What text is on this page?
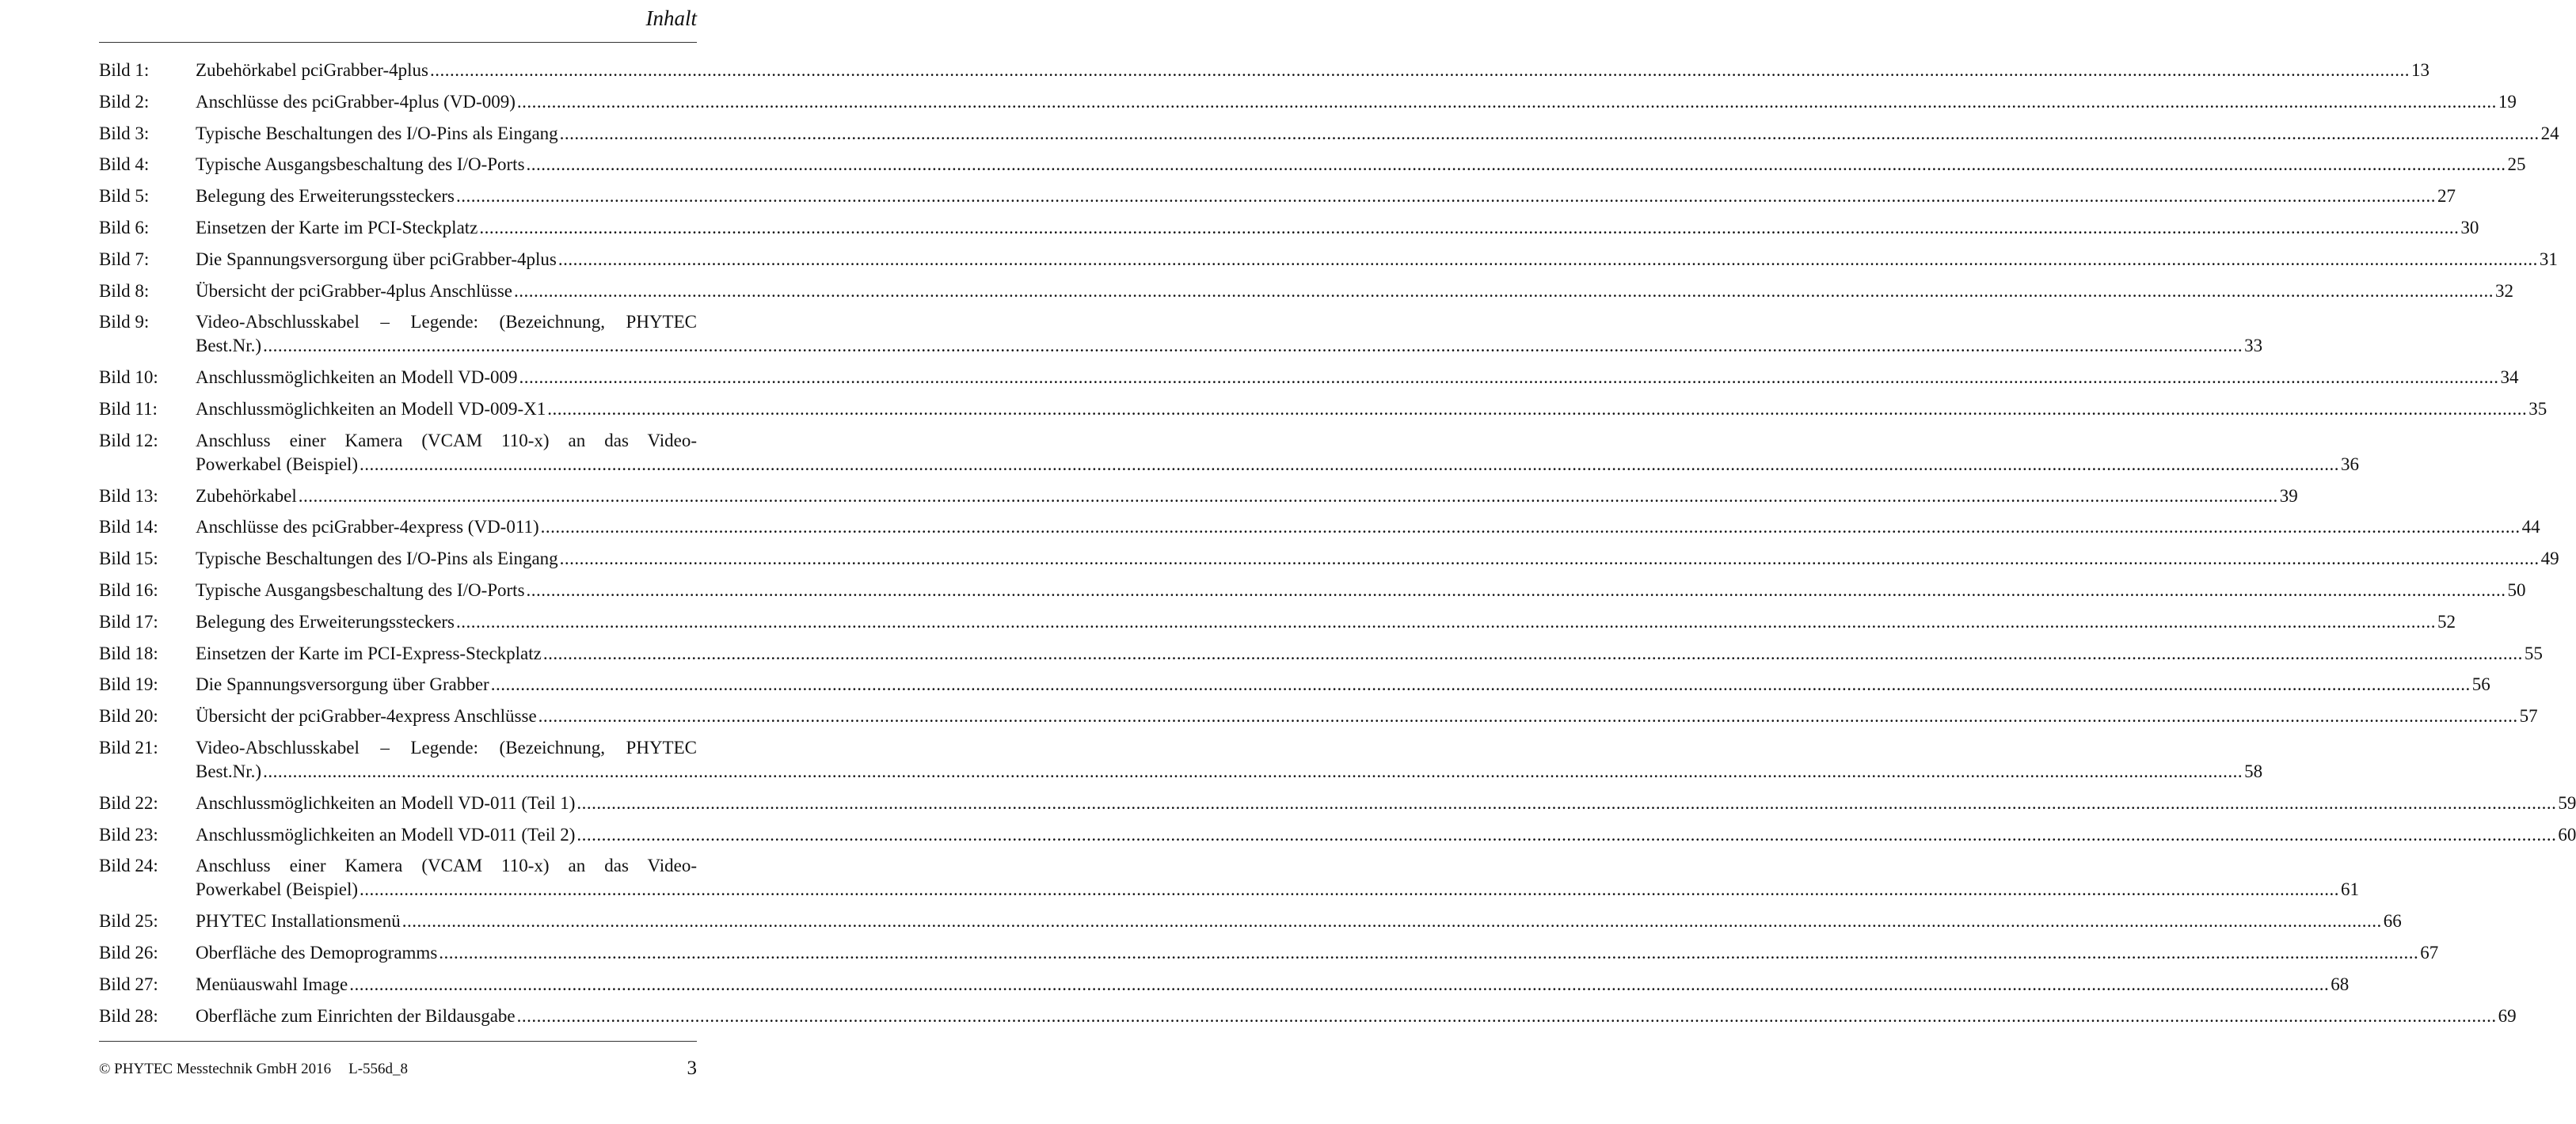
Inhalt
Bild 1:	Zubehörkabel pciGrabber-4plus ................................................................................................................................................................................................................................................................................................................................................................................................................ 13
Bild 2:	Anschlüsse des pciGrabber-4plus (VD-009) ................................................................................................................................................................................................................................................................................................................................................................................................................ 19
Bild 3:	Typische Beschaltungen des I/O-Pins als Eingang ................................................................................................................................................................................................................................................................................................................................................................................................................ 24
Bild 4:	Typische Ausgangsbeschaltung des I/O-Ports ................................................................................................................................................................................................................................................................................................................................................................................................................ 25
Bild 5:	Belegung des Erweiterungssteckers ................................................................................................................................................................................................................................................................................................................................................................................................................ 27
Bild 6:	Einsetzen der Karte im PCI-Steckplatz ................................................................................................................................................................................................................................................................................................................................................................................................................ 30
Bild 7:	Die Spannungsversorgung über pciGrabber-4plus ................................................................................................................................................................................................................................................................................................................................................................................................................ 31
Bild 8:	Übersicht der pciGrabber-4plus Anschlüsse ................................................................................................................................................................................................................................................................................................................................................................................................................ 32
Bild 9:	Video-Abschlusskabel – Legende: (Bezeichnung, PHYTEC
Best.Nr.) ................................................................................................................................................................................................................................................................................................................................................................................................................ 33
Bild 10:	Anschlussmöglichkeiten an Modell VD-009 ................................................................................................................................................................................................................................................................................................................................................................................................................ 34
Bild 11:	Anschlussmöglichkeiten an Modell VD-009-X1 ................................................................................................................................................................................................................................................................................................................................................................................................................ 35
Bild 12:	Anschluss einer Kamera (VCAM 110-x) an das Video-
Powerkabel (Beispiel) ................................................................................................................................................................................................................................................................................................................................................................................................................ 36
Bild 13:	Zubehörkabel ................................................................................................................................................................................................................................................................................................................................................................................................................ 39
Bild 14:	Anschlüsse des pciGrabber-4express (VD-011) ................................................................................................................................................................................................................................................................................................................................................................................................................ 44
Bild 15:	Typische Beschaltungen des I/O-Pins als Eingang ................................................................................................................................................................................................................................................................................................................................................................................................................ 49
Bild 16:	Typische Ausgangsbeschaltung des I/O-Ports ................................................................................................................................................................................................................................................................................................................................................................................................................ 50
Bild 17:	Belegung des Erweiterungssteckers ................................................................................................................................................................................................................................................................................................................................................................................................................ 52
Bild 18:	Einsetzen der Karte im PCI-Express-Steckplatz ................................................................................................................................................................................................................................................................................................................................................................................................................ 55
Bild 19:	Die Spannungsversorgung über Grabber ................................................................................................................................................................................................................................................................................................................................................................................................................ 56
Bild 20:	Übersicht der pciGrabber-4express Anschlüsse ................................................................................................................................................................................................................................................................................................................................................................................................................ 57
Bild 21:	Video-Abschlusskabel – Legende: (Bezeichnung, PHYTEC
Best.Nr.) ................................................................................................................................................................................................................................................................................................................................................................................................................ 58
Bild 22:	Anschlussmöglichkeiten an Modell VD-011 (Teil 1) ................................................................................................................................................................................................................................................................................................................................................................................................................ 59
Bild 23:	Anschlussmöglichkeiten an Modell VD-011 (Teil 2) ................................................................................................................................................................................................................................................................................................................................................................................................................ 60
Bild 24:	Anschluss einer Kamera (VCAM 110-x) an das Video-
Powerkabel (Beispiel) ................................................................................................................................................................................................................................................................................................................................................................................................................ 61
Bild 25:	PHYTEC Installationsmenü ................................................................................................................................................................................................................................................................................................................................................................................................................ 66
Bild 26:	Oberfläche des Demoprogramms ................................................................................................................................................................................................................................................................................................................................................................................................................ 67
Bild 27:	Menüauswahl Image ................................................................................................................................................................................................................................................................................................................................................................................................................ 68
Bild 28:	Oberfläche zum Einrichten der Bildausgabe ................................................................................................................................................................................................................................................................................................................................................................................................................ 69
© PHYTEC Messtechnik GmbH 2016 L-556d_8	3
